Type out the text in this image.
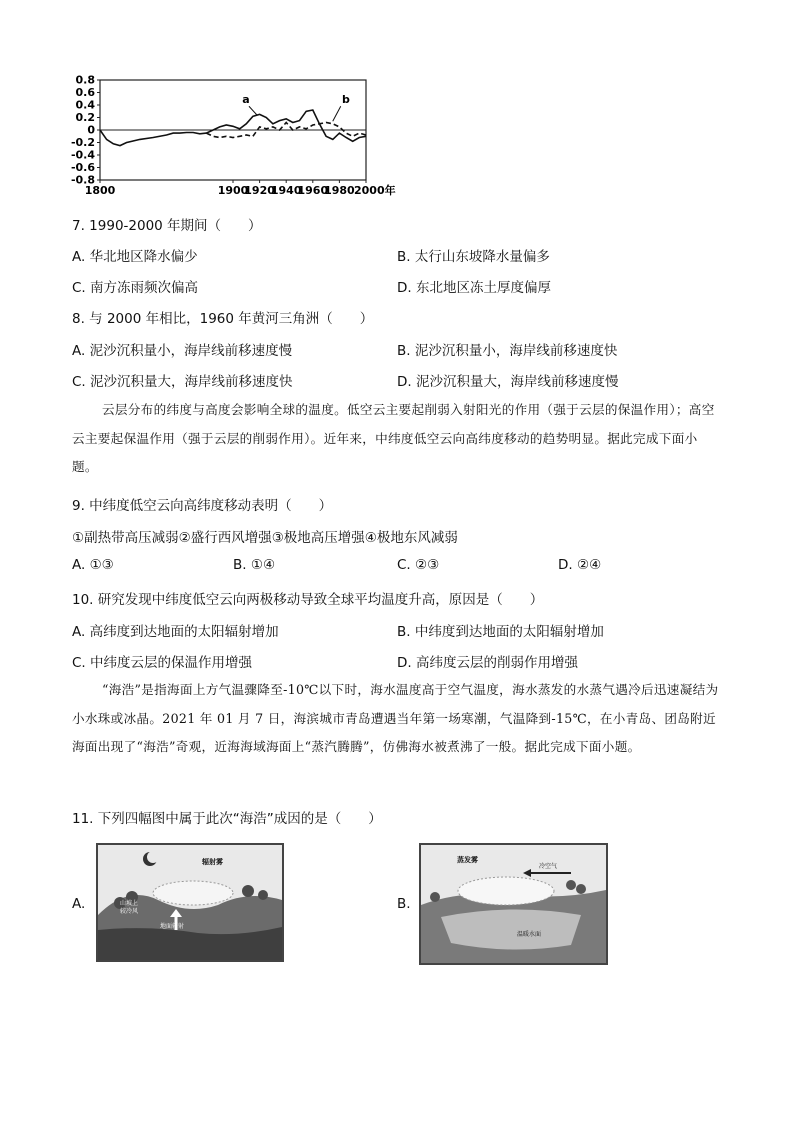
0.8
0.6
0.4
0.2
0
-0.2
-0.4
-0.6
-0.8
1800	1900
1920
1940
1960
1980 2000年
a	b
7. 1990-2000 年期间（　　）
A. 华北地区降水偏少	B. 太行山东坡降水量偏多
C. 南方冻雨频次偏高	D. 东北地区冻土厚度偏厚
8. 与 2000 年相比，1960 年黄河三角洲（　　）
A. 泥沙沉积量小，海岸线前移速度慢	B. 泥沙沉积量小，海岸线前移速度快
C. 泥沙沉积量大，海岸线前移速度快	D. 泥沙沉积量大，海岸线前移速度慢
云层分布的纬度与高度会影响全球的温度。低空云主要起削弱入射阳光的作用（强于云层的保温作用）；高空云主要起保温作用（强于云层的削弱作用）。近年来，中纬度低空云向高纬度移动的趋势明显。据此完成下面小题。
9. 中纬度低空云向高纬度移动表明（　　）
①副热带高压减弱②盛行西风增强③极地高压增强④极地东风减弱
A. ①③	B. ①④	C. ②③	D. ②④
10. 研究发现中纬度低空云向两极移动导致全球平均温度升高，原因是（　　）
A. 高纬度到达地面的太阳辐射增加	B. 中纬度到达地面的太阳辐射增加
C. 中纬度云层的保温作用增强	D. 高纬度云层的削弱作用增强
“海浩”是指海面上方气温骤降至-10℃以下时，海水温度高于空气温度，海水蒸发的水蒸气遇冷后迅速凝结为小水珠或冰晶。2021 年 01 月 7 日，海滨城市青岛遭遇当年第一场寒潮，气温降到-15℃，在小青岛、团岛附近海面出现了“海浩”奇观，近海海域海面上“蒸汽腾腾”，仿佛海水被煮沸了一般。据此完成下面小题。
11. 下列四幅图中属于此次“海浩”成因的是（　　）
A.
辐射雾
山坡上
较冷风
地面辐射
B.
蒸发雾
冷空气
温暖水面
